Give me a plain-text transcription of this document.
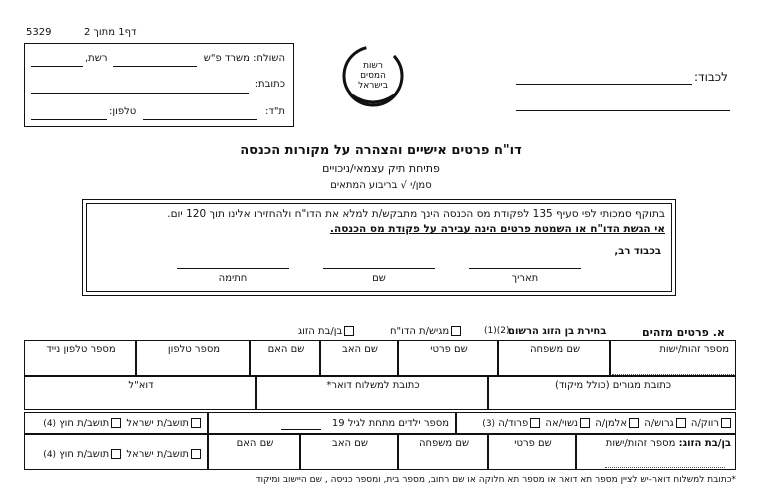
5329	דף1 מתוך 2
השולח: משרד פ"ש
רשת,
כתובת:
ת"ד:
טלפון:
רשות
המסים
בישראל
לכבוד:
דו"ח פרטים אישיים והצהרה על מקורות הכנסה
פתיחת תיק עצמאי/ניכויים
סמן/י √ בריבוע המתאים
בתוקף סמכותי לפי סעיף 135 לפקודת מס הכנסה הינך מתבקש/ת למלא את הדו"ח ולהחזירו אלינו תוך 120 יום.
אי הגשת הדו"ח או השמטת פרטים הינה עבירה על פקודת מס הכנסה.
בכבוד רב,
תאריך
שם
חתימה
א. פרטים מזהים
בחירת בן הזוג הרשום
(1)(2)
מגיש/ת הדו"ח
בן/בת הזוג
מספר זהות/ישות
שם משפחה
שם פרטי
שם האב
שם האם
מספר טלפון
מספר טלפון נייד
כתובת מגורים (כולל מיקוד)
כתובת למשלוח דואר*
דוא"ל
רווק/ה גרוש/ה אלמן/ה נשוי/אה פרוד/ה (3)
מספר ילדים מתחת לגיל 19
תושב/ת ישראל תושב/ת חוץ (4)
בן/בת הזוג: מספר זהות/ישות
שם פרטי
שם משפחה
שם האב
שם האם
תושב/ת ישראל תושב/ת חוץ (4)
*כתובת למשלוח דואר-יש לציין מספר תא דואר או מספר תא חלוקה או שם רחוב, מספר בית, ומספר כניסה , שם היישוב ומיקוד
